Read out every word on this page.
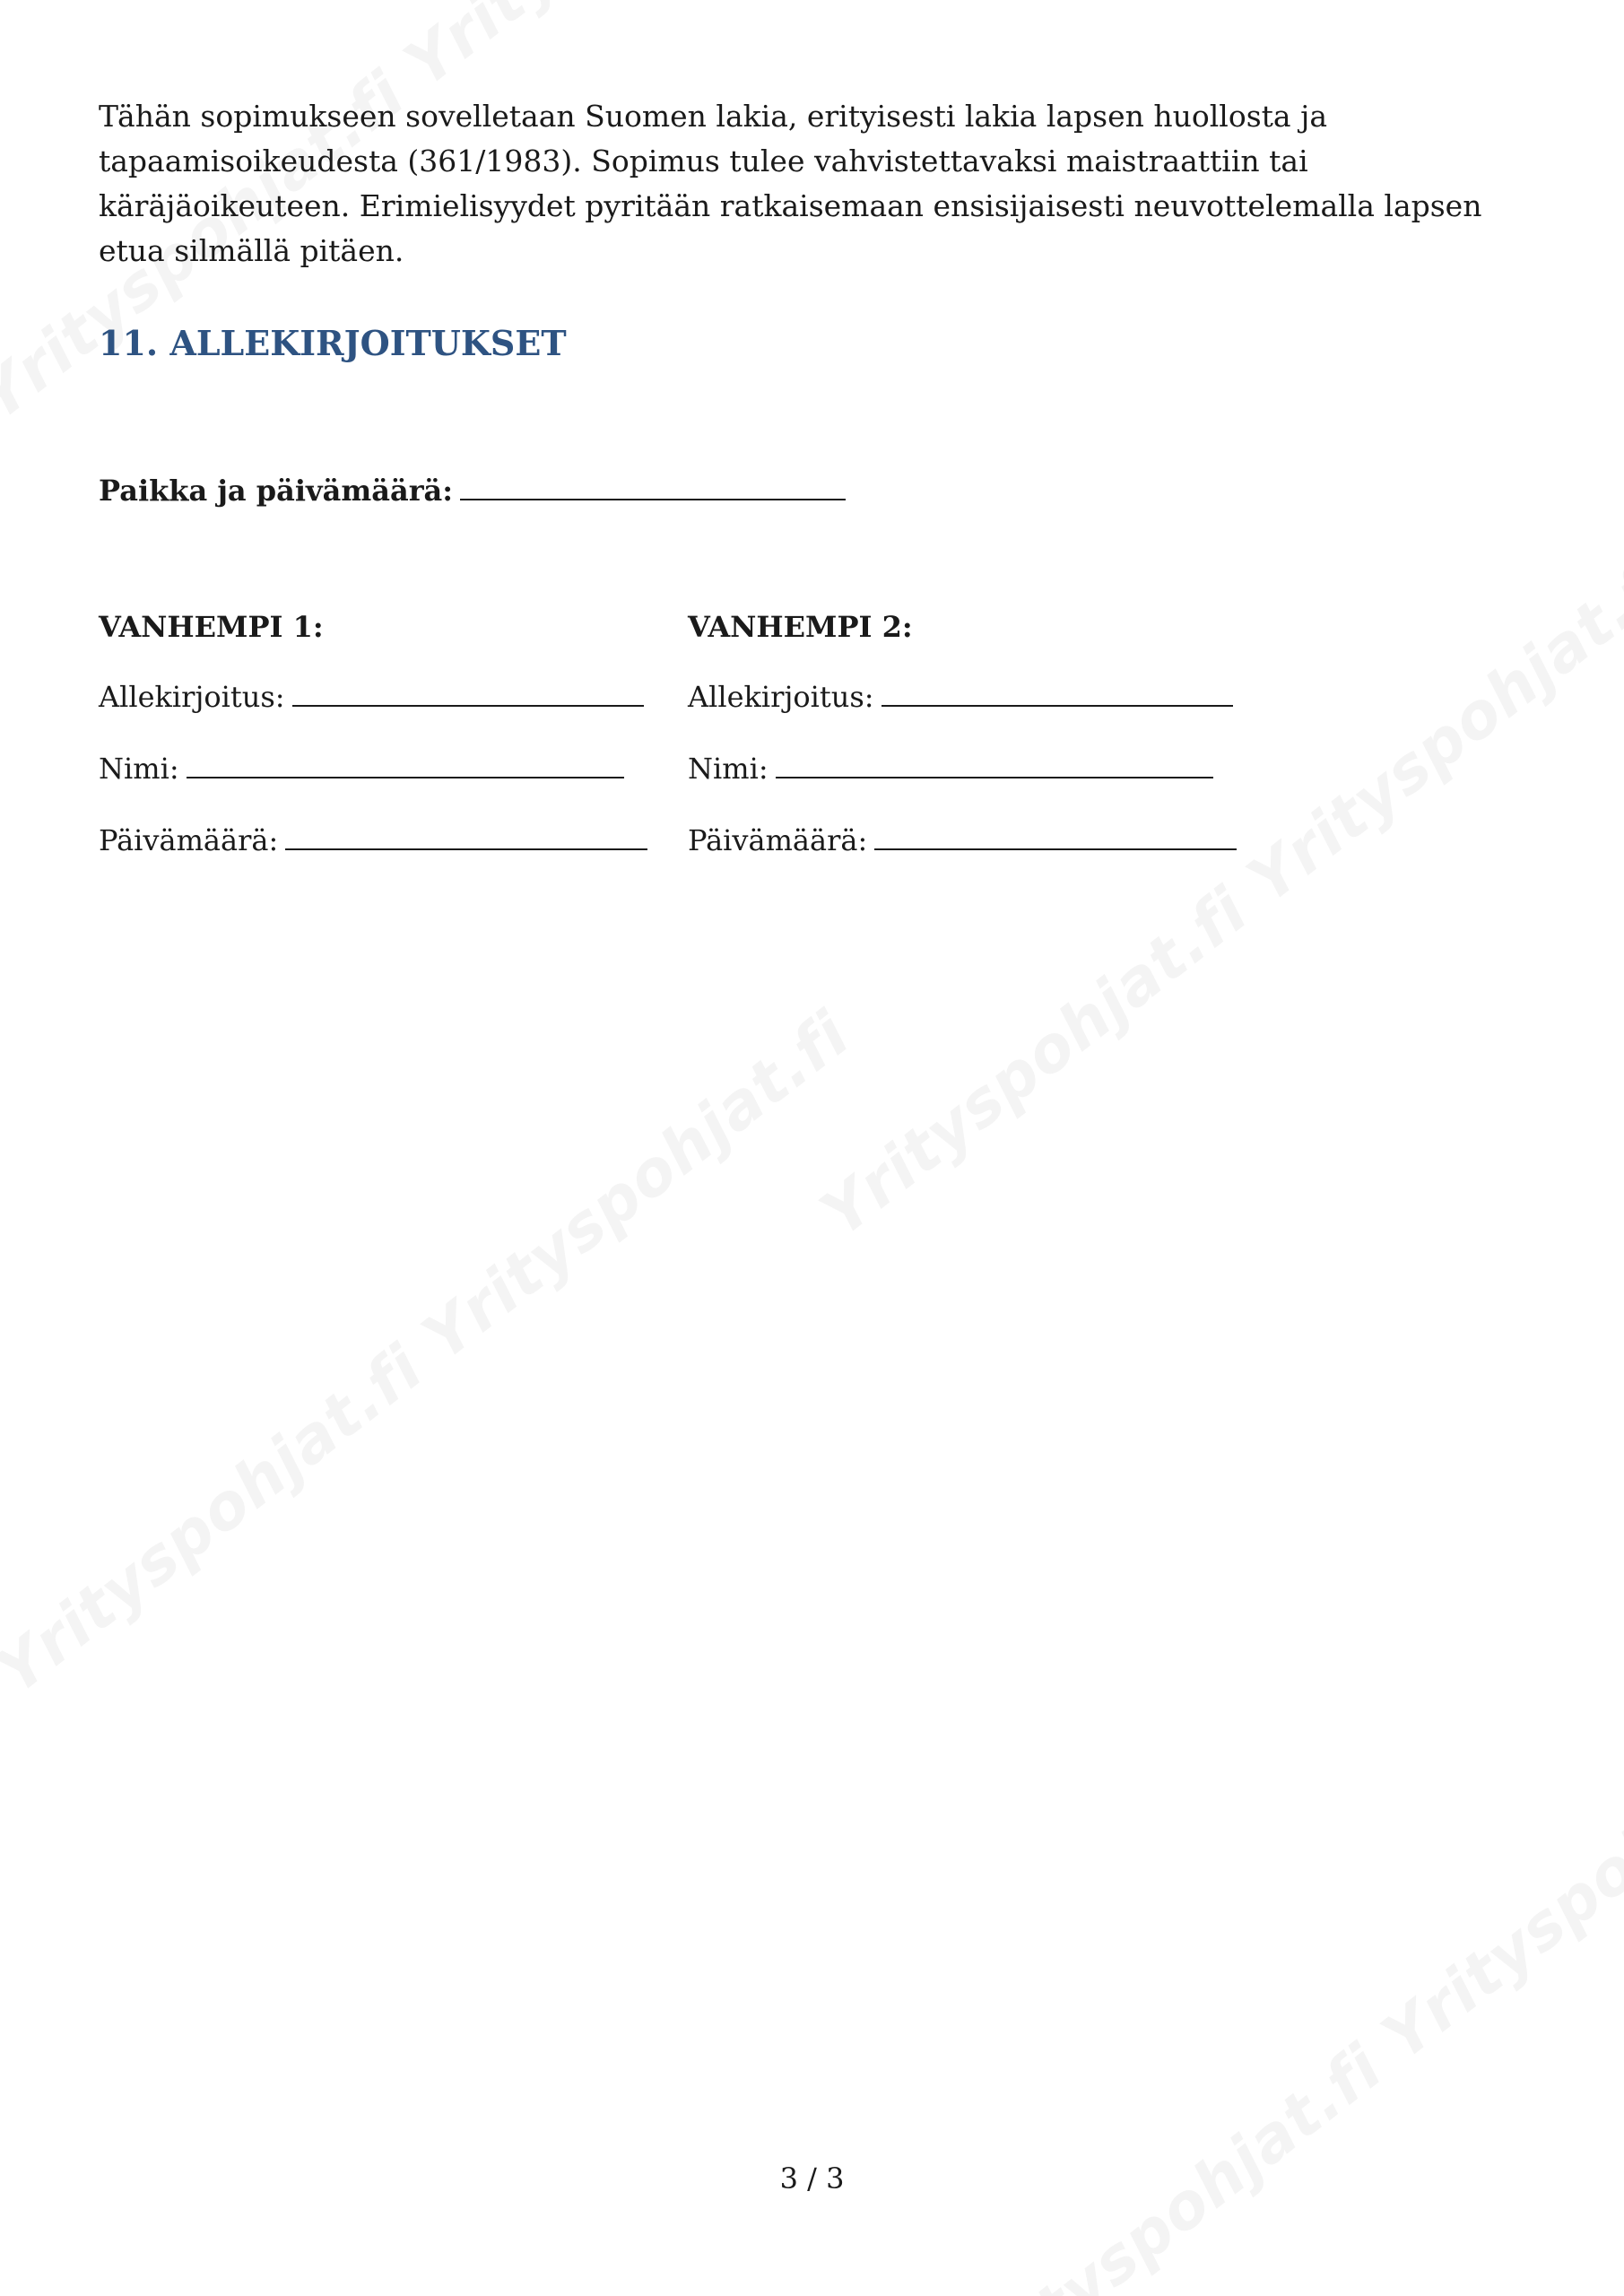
Tähän sopimukseen sovelletaan Suomen lakia, erityisesti lakia lapsen huollosta ja tapaamisoikeudesta (361/1983). Sopimus tulee vahvistettavaksi maistraattiin tai käräjäoikeuteen. Erimielisyydet pyritään ratkaisemaan ensisijaisesti neuvottelemalla lapsen etua silmällä pitäen.

11. ALLEKIRJOITUKSET
Paikka ja päivämäärä:
VANHEMPI 1:
Allekirjoitus:
Nimi:
Päivämäärä:
VANHEMPI 2:
Allekirjoitus:
Nimi:
Päivämäärä:
3 / 3
